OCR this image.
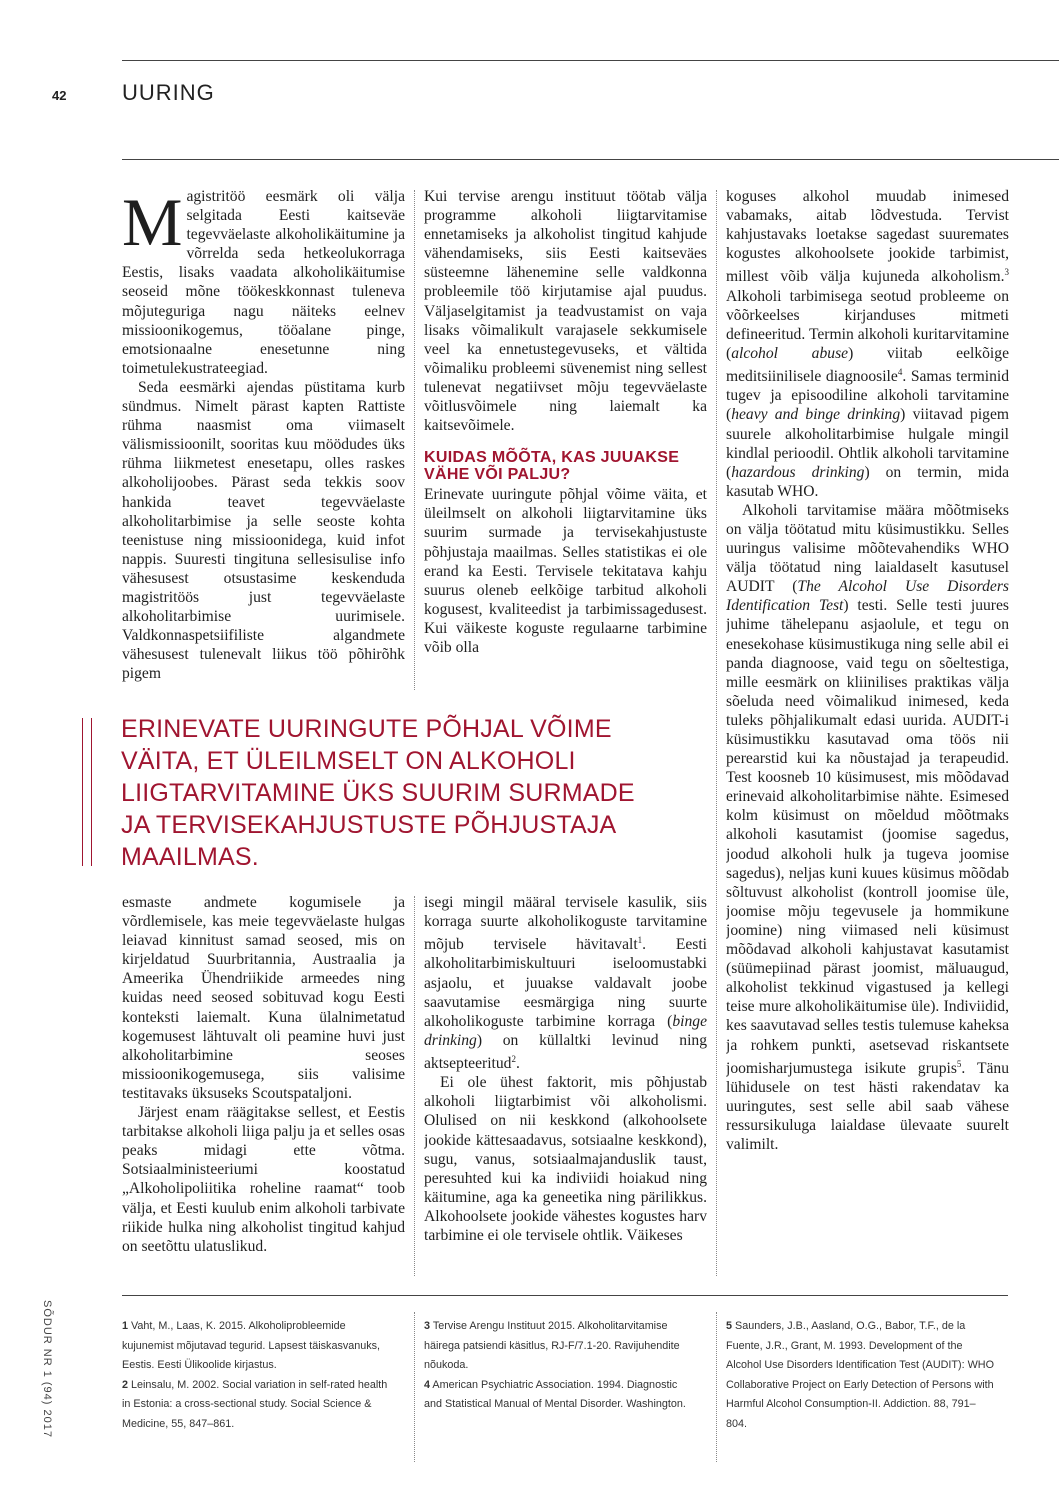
42	UURING

Magistritöö eesmärk oli välja selgitada Eesti kaitseväe tegevväelaste alkoholikäitumine ja võrrelda seda hetkeolukorraga Eestis, lisaks vaadata alkoholikäitumise seoseid mõne töökeskkonnast tuleneva mõjuteguriga nagu näiteks eelnev missioonikogemus, tööalane pinge, emotsionaalne enesetunne ning toimetulekustrateegiad.

Seda eesmärki ajendas püstitama kurb sündmus. Nimelt pärast kapten Rattiste rühma naasmist oma viimaselt välismissioonilt, sooritas kuu möödudes üks rühma liikmetest enesetapu, olles raskes alkoholijoobes. Pärast seda tekkis soov hankida teavet tegevväelaste alkoholitarbimise ja selle seoste kohta teenistuse ning missioonidega, kuid infot nappis. Suuresti tingituna sellesisulise info vähesusest otsustasime keskenduda magistritöös just tegevväelaste alkoholitarbimise uurimisele. Valdkonnaspetsiifiliste algandmete vähesusest tulenevalt liikus töö põhirõhk pigem

Kui tervise arengu instituut töötab välja programme alkoholi liigtarvitamise ennetamiseks ja alkoholist tingitud kahjude vähendamiseks, siis Eesti kaitseväes süsteemne lähenemine selle valdkonna probleemile töö kirjutamise ajal puudus. Väljaselgitamist ja teadvustamist on vaja lisaks võimalikult varajasele sekkumisele veel ka ennetustegevuseks, et vältida võimaliku probleemi süvenemist ning sellest tulenevat negatiivset mõju tegevväelaste võitlusvõimele ning laiemalt ka kaitsevõimele.

KUIDAS MÕÕTA, KAS JUUAKSE VÄHE VÕI PALJU?

Erinevate uuringute põhjal võime väita, et üleilmselt on alkoholi liigtarvitamine üks suurim surmade ja tervisekahjustuste põhjustaja maailmas. Selles statistikas ei ole erand ka Eesti. Tervisele tekitatava kahju suurus oleneb eelkõige tarbitud alkoholi kogusest, kvaliteedist ja tarbimissagedusest. Kui väikeste koguste regulaarne tarbimine võib olla

ERINEVATE UURINGUTE PÕHJAL VÕIME VÄITA, ET ÜLEILMSELT ON ALKOHOLI LIIGTARVITAMINE ÜKS SUURIM SURMADE JA TERVISEKAHJUSTUSTE PÕHJUSTAJA MAAILMAS.

esmaste andmete kogumisele ja võrdlemisele, kas meie tegevväelaste hulgas leiavad kinnitust samad seosed, mis on kirjeldatud Suurbritannia, Austraalia ja Ameerika Ühendriikide armeedes ning kuidas need seosed sobituvad kogu Eesti konteksti laiemalt. Kuna ülalnimetatud kogemusest lähtuvalt oli peamine huvi just alkoholitarbimine seoses missioonikogemusega, siis valisime testitavaks üksuseks Scoutspataljoni.

Järjest enam räägitakse sellest, et Eestis tarbitakse alkoholi liiga palju ja et selles osas peaks midagi ette võtma. Sotsiaalministeeriumi koostatud „Alkoholipoliitika roheline raamat“ toob välja, et Eesti kuulub enim alkoholi tarbivate riikide hulka ning alkoholist tingitud kahjud on seetõttu ulatuslikud.

isegi mingil määral tervisele kasulik, siis korraga suurte alkoholikoguste tarvitamine mõjub tervisele hävitavalt$^1$. Eesti alkoholitarbimiskultuuri iseloomustabki asjaolu, et juuakse valdavalt joobe saavutamise eesmärgiga ning suurte alkoholikoguste tarbimine korraga (binge drinking) on küllaltki levinud ning aktsepteeritud$^2$.

Ei ole ühest faktorit, mis põhjustab alkoholi liigtarbimist või alkoholismi. Olulised on nii keskkond (alkohoolsete jookide kättesaadavus, sotsiaalne keskkond), sugu, vanus, sotsiaalmajanduslik taust, peresuhted kui ka indiviidi hoiakud ning käitumine, aga ka geneetika ning pärilikkus. Alkohoolsete jookide vähestes kogustes harv tarbimine ei ole tervisele ohtlik. Väikeses

koguses alkohol muudab inimesed vabamaks, aitab lõdvestuda. Tervist kahjustavaks loetakse sagedast suuremates kogustes alkohoolsete jookide tarbimist, millest võib välja kujuneda alkoholism.$^3$ Alkoholi tarbimisega seotud probleeme on võõrkeelses kirjanduses mitmeti defineeritud. Termin alkoholi kuritarvitamine (alcohol abuse) viitab eelkõige meditsiinilisele diagnoosile$^4$. Samas terminid tugev ja episoodiline alkoholi tarvitamine (heavy and binge drinking) viitavad pigem suurele alkoholitarbimise hulgale mingil kindlal perioodil. Ohtlik alkoholi tarvitamine (hazardous drinking) on termin, mida kasutab WHO.

Alkoholi tarvitamise määra mõõtmiseks on välja töötatud mitu küsimustikku. Selles uuringus valisime mõõtevahendiks WHO välja töötatud ning laialdaselt kasutusel AUDIT (The Alcohol Use Disorders Identification Test) testi. Selle testi juures juhime tähelepanu asjaolule, et tegu on enesekohase küsimustikuga ning selle abil ei panda diagnoose, vaid tegu on sõeltestiga, mille eesmärk on kliinilises praktikas välja sõeluda need võimalikud inimesed, keda tuleks põhjalikumalt edasi uurida. AUDIT-i küsimustikku kasutavad oma töös nii perearstid kui ka nõustajad ja terapeudid. Test koosneb 10 küsimusest, mis mõõdavad erinevaid alkoholitarbimise nähte. Esimesed kolm küsimust on mõeldud mõõtmaks alkoholi kasutamist (joomise sagedus, joodud alkoholi hulk ja tugeva joomise sagedus), neljas kuni kuues küsimus mõõdab sõltuvust alkoholist (kontroll joomise üle, joomise mõju tegevusele ja hommikune joomine) ning viimased neli küsimust mõõdavad alkoholi kahjustavat kasutamist (süümepiinad pärast joomist, mäluaugud, alkoholist tekkinud vigastused ja kellegi teise mure alkoholikäitumise üle). Indiviidid, kes saavutavad selles testis tulemuse kaheksa ja rohkem punkti, asetsevad riskantsete joomisharjumustega isikute grupis$^5$. Tänu lühidusele on test hästi rakendatav ka uuringutes, sest selle abil saab vähese ressursikuluga laialdase ülevaate suurelt valimilt.

SÕDUR NR 1 (94) 2017	1 Vaht, M., Laas, K. 2015. Alkoholiprobleemide kujunemist mõjutavad tegurid. Lapsest täiskasvanuks, Eestis. Eesti Ülikoolide kirjastus.
2 Leinsalu, M. 2002. Social variation in self-rated health in Estonia: a cross-sectional study. Social Science & Medicine, 55, 847–861.
3 Tervise Arengu Instituut 2015. Alkoholitarvitamise häirega patsiendi käsitlus, RJ-F/7.1-20. Ravijuhendite nõukoda.
4 American Psychiatric Association. 1994. Diagnostic and Statistical Manual of Mental Disorder. Washington.
5 Saunders, J.B., Aasland, O.G., Babor, T.F., de la Fuente, J.R., Grant, M. 1993. Development of the Alcohol Use Disorders Identification Test (AUDIT): WHO Collaborative Project on Early Detection of Persons with Harmful Alcohol Consumption-II. Addiction. 88, 791–804.
